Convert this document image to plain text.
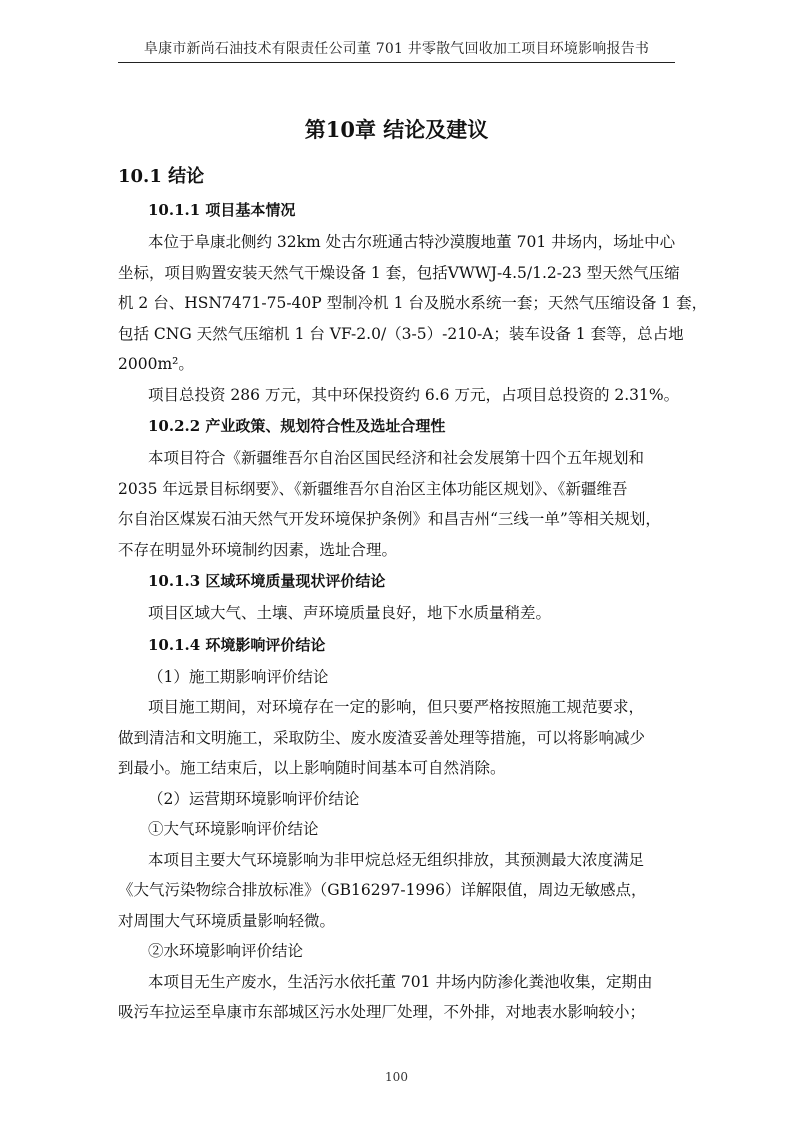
阜康市新尚石油技术有限责任公司董 701 井零散气回收加工项目环境影响报告书
第10章 结论及建议
10.1 结论
10.1.1 项目基本情况

本位于阜康北侧约 32km 处古尔班通古特沙漠腹地董 701 井场内，场址中心
坐标，项目购置安装天然气干燥设备 1 套，包括VWWJ-4.5/1.2-23 型天然气压缩
机 2 台、HSN7471-75-40P 型制冷机 1 台及脱水系统一套；天然气压缩设备 1 套，
包括 CNG 天然气压缩机 1 台 VF-2.0/（3-5）-210-A；装车设备 1 套等，总占地
2000m²。

项目总投资 286 万元，其中环保投资约 6.6 万元，占项目总投资的 2.31%。

10.2.2 产业政策、规划符合性及选址合理性

本项目符合《新疆维吾尔自治区国民经济和社会发展第十四个五年规划和
2035 年远景目标纲要》、《新疆维吾尔自治区主体功能区规划》、《新疆维吾
尔自治区煤炭石油天然气开发环境保护条例》和昌吉州“三线一单”等相关规划，
不存在明显外环境制约因素，选址合理。

10.1.3 区域环境质量现状评价结论

项目区域大气、土壤、声环境质量良好，地下水质量稍差。

10.1.4 环境影响评价结论
（1）施工期影响评价结论

项目施工期间，对环境存在一定的影响，但只要严格按照施工规范要求，
做到清洁和文明施工，采取防尘、废水废渣妥善处理等措施，可以将影响减少
到最小。施工结束后，以上影响随时间基本可自然消除。

（2）运营期环境影响评价结论
①大气环境影响评价结论

本项目主要大气环境影响为非甲烷总烃无组织排放，其预测最大浓度满足
《大气污染物综合排放标准》（GB16297-1996）详解限值，周边无敏感点，
对周围大气环境质量影响轻微。

②水环境影响评价结论

本项目无生产废水，生活污水依托董 701 井场内防渗化粪池收集，定期由
吸污车拉运至阜康市东部城区污水处理厂处理，不外排，对地表水影响较小；

100
